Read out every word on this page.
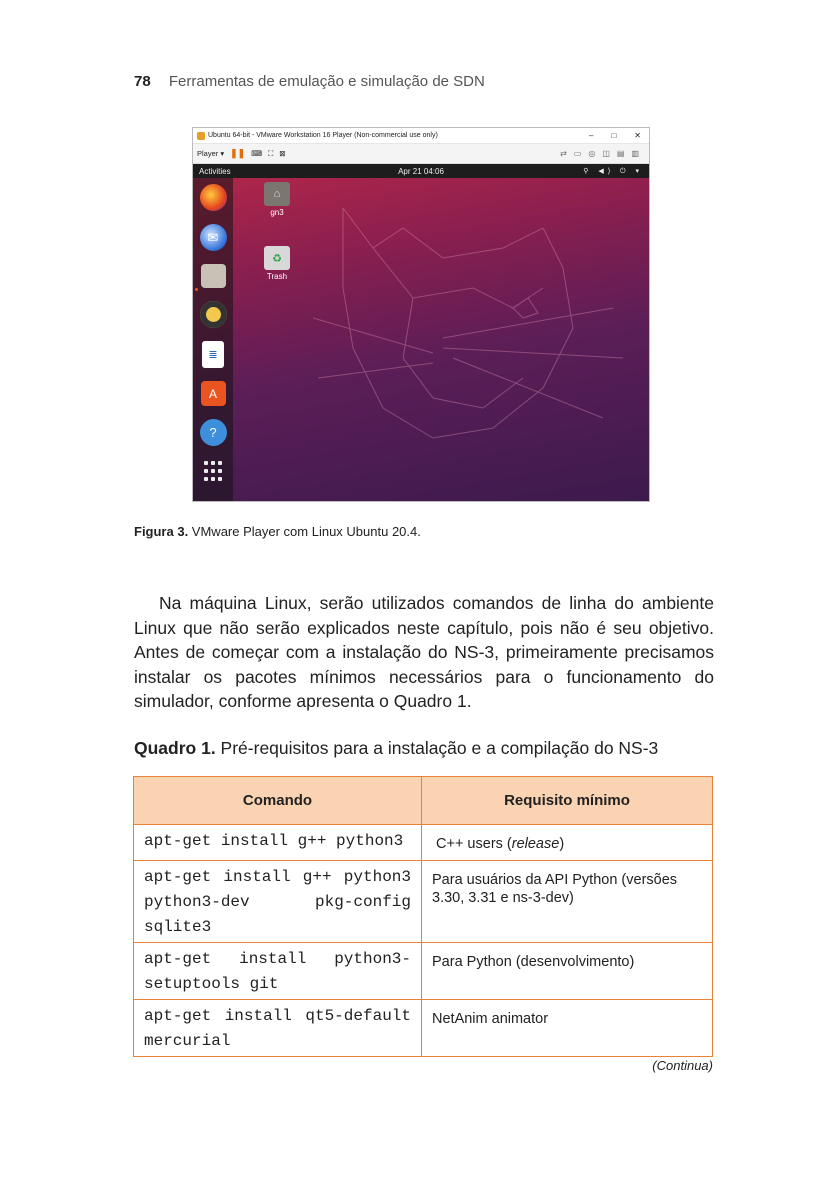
78 Ferramentas de emulação e simulação de SDN
Ubuntu 64-bit - VMware Workstation 16 Player (Non-commercial use only)	– □ ✕
Player ▾ ❚❚ ⌨ ⛶ ⊠	⇄ ▭ ◎ ◫ ▤ ▥
Activities	Apr 21 04:06	⚲ ◀) ⏻ ▾
✉
≣
A
?
⌂
gn3
♻
Trash
Figura 3. VMware Player com Linux Ubuntu 20.4.

Na máquina Linux, serão utilizados comandos de linha do ambiente Linux que não serão explicados neste capítulo, pois não é seu objetivo. Antes de começar com a instalação do NS-3, primeiramente precisamos instalar os pacotes mínimos necessários para o funcionamento do simulador, conforme apresenta o Quadro 1.

Quadro 1. Pré-requisitos para a instalação e a compilação do NS-3
Comando	Requisito mínimo
apt-get install g++ python3	C++ users (release)
apt-get install g++ python3 python3-dev pkg-config sqlite3	Para usuários da API Python (versões 3.30, 3.31 e ns-3-dev)
apt-get install python3-setuptools git	Para Python (desenvolvimento)
apt-get install qt5-default mercurial	NetAnim animator
(Continua)
